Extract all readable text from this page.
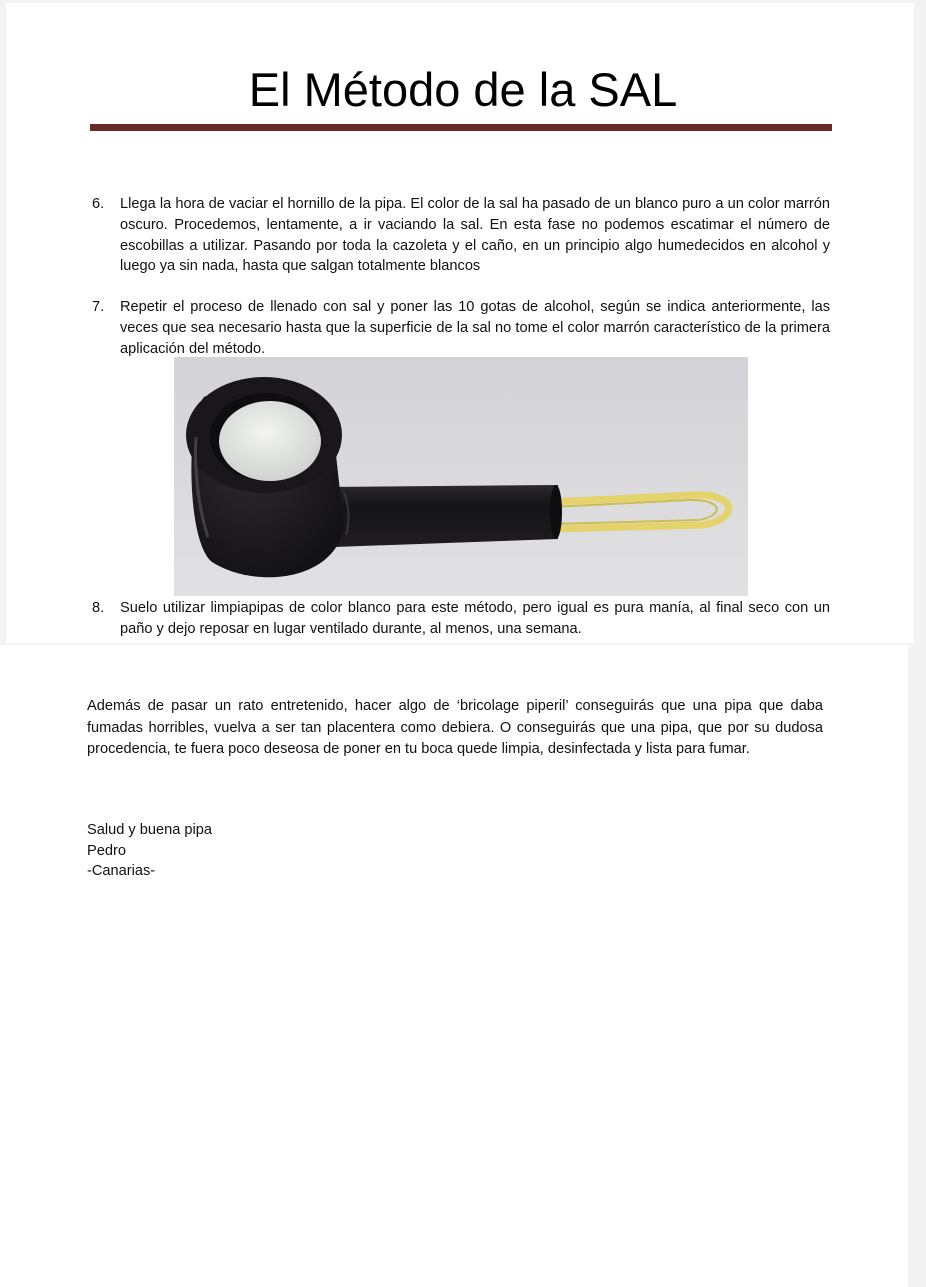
El Método de la SAL
6. Llega la hora de vaciar el hornillo de la pipa. El color de la sal ha pasado de un blanco puro a un color marrón oscuro. Procedemos, lentamente, a ir vaciando la sal. En esta fase no podemos escatimar el número de escobillas a utilizar. Pasando por toda la cazoleta y el caño, en un principio algo humedecidos en alcohol y luego ya sin nada, hasta que salgan totalmente blancos
7. Repetir el proceso de llenado con sal y poner las 10 gotas de alcohol, según se indica anteriormente, las veces que sea necesario hasta que la superficie de la sal no tome el color marrón característico de la primera aplicación del método.
8. Suelo utilizar limpiapipas de color blanco para este método, pero igual es pura manía, al final seco con un paño y dejo reposar en lugar ventilado durante, al menos, una semana.
Además de pasar un rato entretenido, hacer algo de ‘bricolage piperil’ conseguirás que una pipa que daba fumadas horribles, vuelva a ser tan placentera como debiera. O conseguirás que una pipa, que por su dudosa procedencia, te fuera poco deseosa de poner en tu boca quede limpia, desinfectada y lista para fumar.
Salud y buena pipa
Pedro
-Canarias-
